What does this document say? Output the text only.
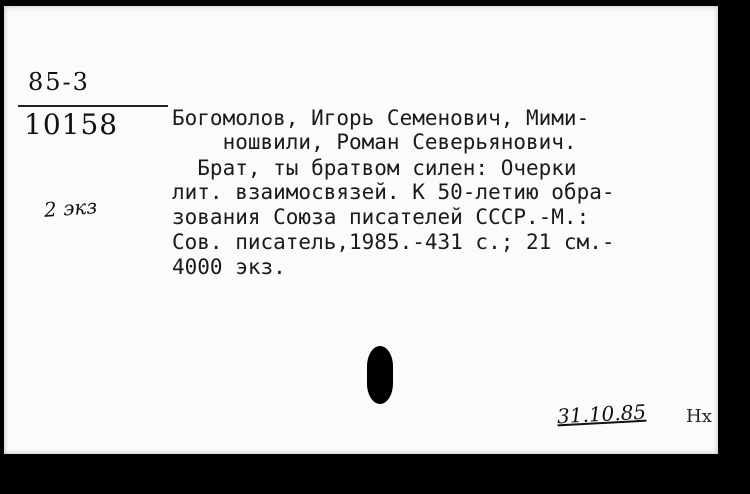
85-3
10158
2 экз

Богомолов, Игорь Семенович, Мими-

ношвили, Роман Северьянович.

Брат, ты братвом силен: Очерки

лит. взаимосвязей. К 50-летию обра-

зования Союза писателей СССР.-М.:

Сов. писатель,1985.-431 с.; 21 см.-

4000 экз.

31.10.85 Нх
